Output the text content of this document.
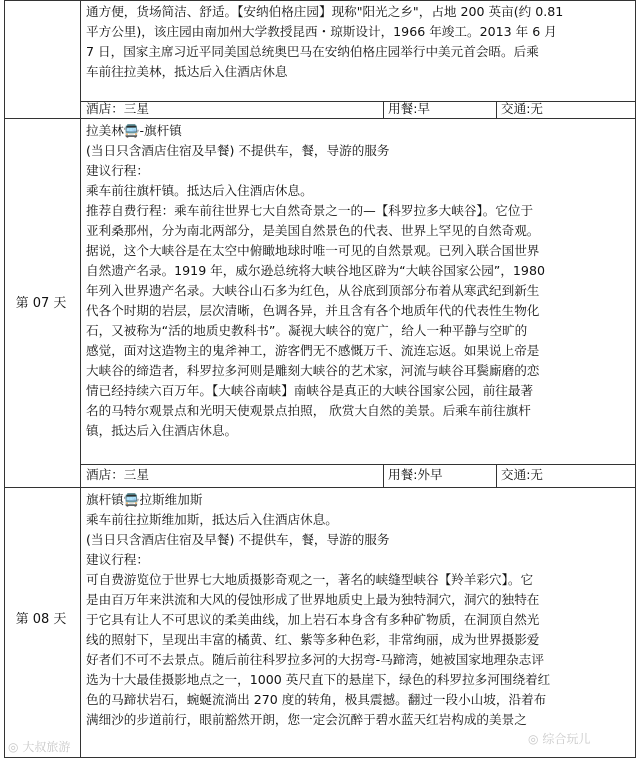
通方便，货场简洁、舒适。【安纳伯格庄园】现称"阳光之乡"，占地 200 英亩(约 0.81

平方公里)，该庄园由南加州大学教授昆西・琼斯设计，1966 年竣工。2013 年 6 月

7 日，国家主席习近平同美国总统奥巴马在安纳伯格庄园举行中美元首会晤。后乘

车前往拉美林，抵达后入住酒店休息

酒店：三星	用餐:早	交通:无
第 07 天

拉美林🚍-旗杆镇

(当日只含酒店住宿及早餐) 不提供车，餐，导游的服务

建议行程：

乘车前往旗杆镇。抵达后入住酒店休息。

推荐自费行程：乘车前往世界七大自然奇景之一的—【科罗拉多大峡谷】。它位于

亚利桑那州，分为南北两部分，是美国自然景色的代表、世界上罕见的自然奇观。

据说，这个大峡谷是在太空中俯瞰地球时唯一可见的自然景观。已列入联合国世界

自然遗产名录。1919 年，威尔逊总统将大峡谷地区辟为“大峡谷国家公园”，1980

年列入世界遗产名录。大峡谷山石多为红色，从谷底到顶部分布着从寒武纪到新生

代各个时期的岩层，层次清晰，色调各异，并且含有各个地质年代的代表性生物化

石，又被称为“活的地质史教科书”。凝视大峡谷的宽广，给人一种平静与空旷的

感觉，面对这造物主的鬼斧神工，游客們无不感慨万千、流连忘返。如果说上帝是

大峡谷的缔造者，科罗拉多河则是雕刻大峡谷的艺术家，河流与峡谷耳鬓廝磨的恋

情已经持续六百万年。【大峡谷南峡】南峡谷是真正的大峡谷国家公园，前往最著

名的马特尔观景点和光明天使观景点拍照， 欣赏大自然的美景。后乘车前往旗杆

镇，抵达后入住酒店休息。

酒店：三星	用餐:外早	交通:无
第 08 天

旗杆镇🚍拉斯维加斯

乘车前往拉斯维加斯，抵达后入住酒店休息。

(当日只含酒店住宿及早餐) 不提供车，餐，导游的服务

建议行程：

可自费游览位于世界七大地质摄影奇观之一，著名的峡缝型峡谷【羚羊彩穴】。它

是由百万年来洪流和大风的侵蚀形成了世界地质史上最为独特洞穴，洞穴的独特在

于它具有让人不可思议的柔美曲线，加上岩石本身含有多种矿物质，在洞顶自然光

线的照射下，呈现出丰富的橘黄、红、紫等多种色彩，非常绚丽，成为世界摄影爱

好者们不可不去景点。随后前往科罗拉多河的大拐弯-马蹄湾，她被国家地理杂志评

选为十大最佳摄影地点之一，1000 英尺直下的悬崖下，绿色的科罗拉多河围绕着红

色的马蹄状岩石，蜿蜒流淌出 270 度的转角，极具震撼。翻过一段小山坡，沿着布

满细沙的步道前行，眼前豁然开朗，您一定会沉醉于碧水蓝天红岩构成的美景之

◎ 大叔旅游
◎ 综合玩儿
